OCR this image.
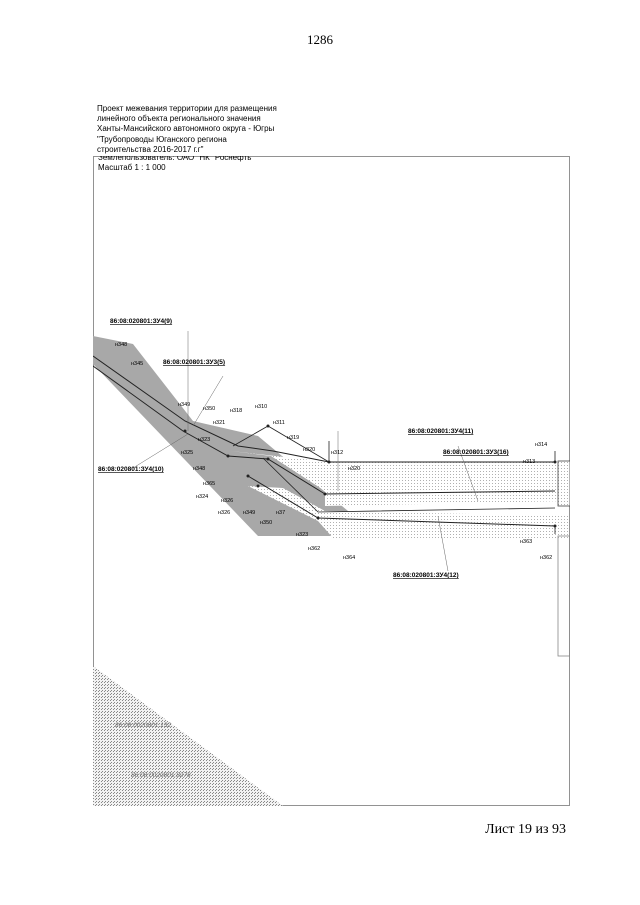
1286
Проект межевания территории для размещения
линейного объекта регионального значения
Ханты-Мансийского автономного округа - Югры
"Трубопроводы Юганского региона
строительства 2016-2017 г.г"
Землепользователь: ОАО "НК "Роснефть"
Масштаб 1 : 1 000
86:08:020801:ЗУ4(9)
86:08:020801:ЗУ3(5)
86:08:020801:ЗУ4(10)
86:08:020801:ЗУ4(11)
86:08:020801:ЗУ3(16)
86:08:020801:ЗУ4(12)
н348
н345
н349
н350	н318
н310
н321	н311
н319
н323
н320	н312
н320
н313
н314
н325
н365
н348
н324
н326
н326 н349	н37
н350
н323
н362
н364
н363
н362
86:08:0020801:132
86:08:0020801:8278
Лист 19 из 93
